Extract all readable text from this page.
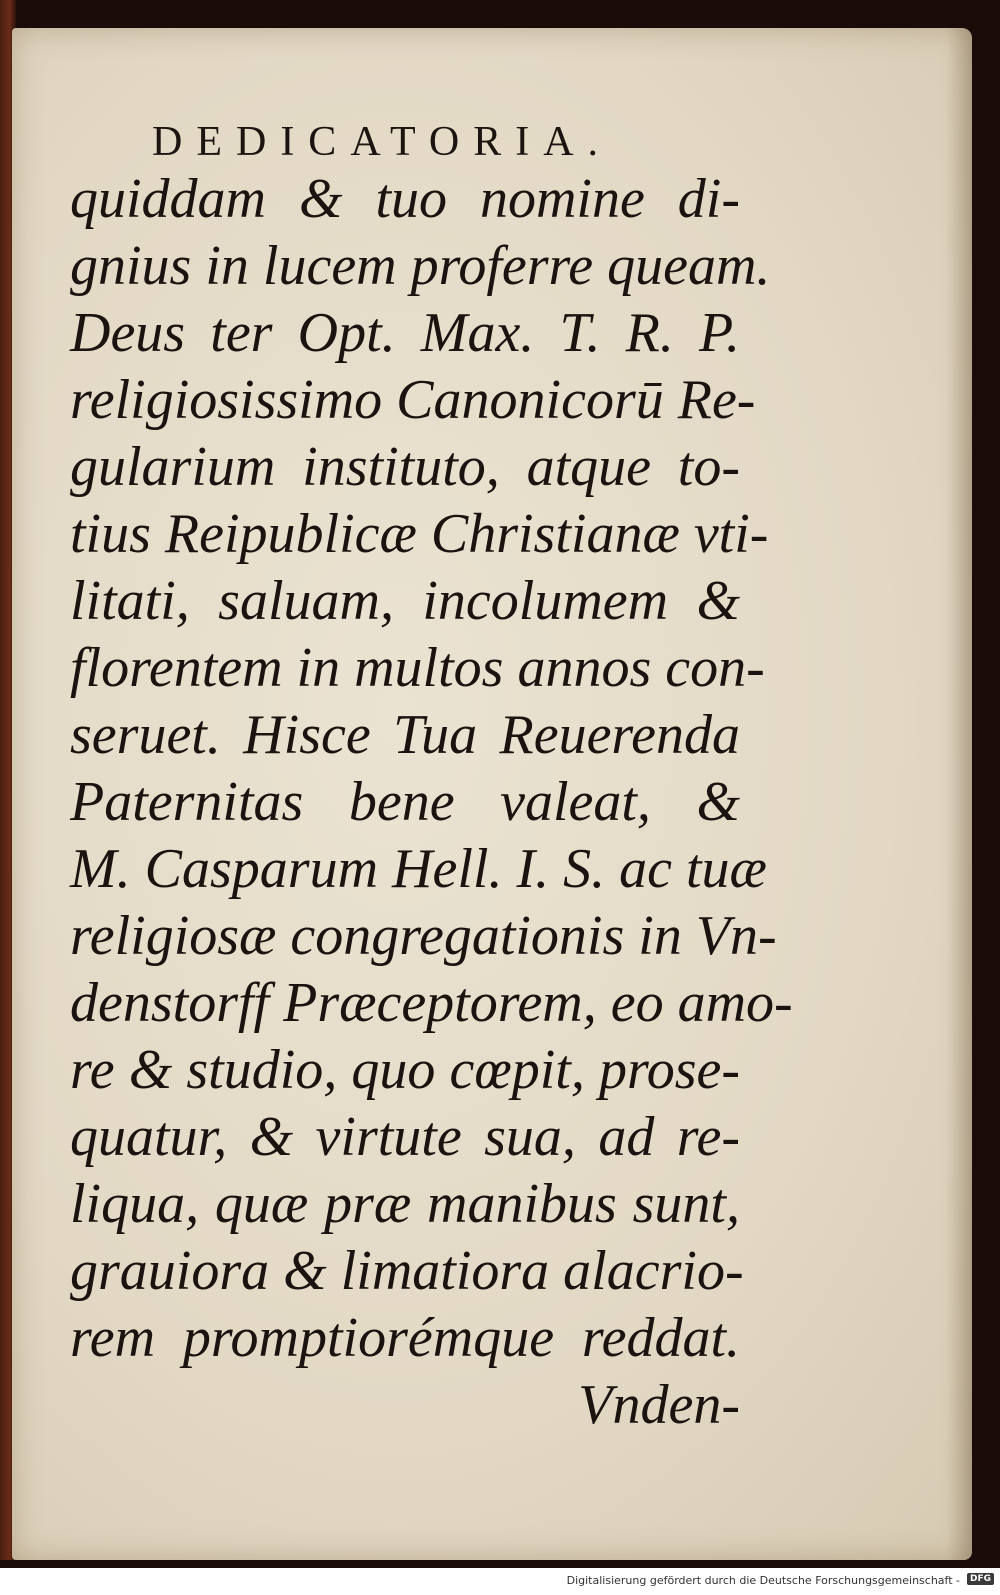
DEDICATORIA.
quiddam & tuo nomine di-
gnius in lucem proferre queam.
Deus ter Opt. Max. T. R. P.
religiosissimo Canonicorū Re-
gularium instituto, atque to-
tius Reipublicæ Christianæ vti-
litati, saluam, incolumem &
florentem in multos annos con-
seruet. Hisce Tua Reuerenda
Paternitas bene valeat, &
M. Casparum Hell. I. S. ac tuæ
religiosæ congregationis in Vn-
denstorff Præceptorem, eo amo-
re & studio, quo cœpit, prose-
quatur, & virtute sua, ad re-
liqua, quæ præ manibus sunt,
grauiora & limatiora alacrio-
rem promptiorémque reddat.
Vnden-
Digitalisierung gefördert durch die Deutsche Forschungsgemeinschaft -	DFG
